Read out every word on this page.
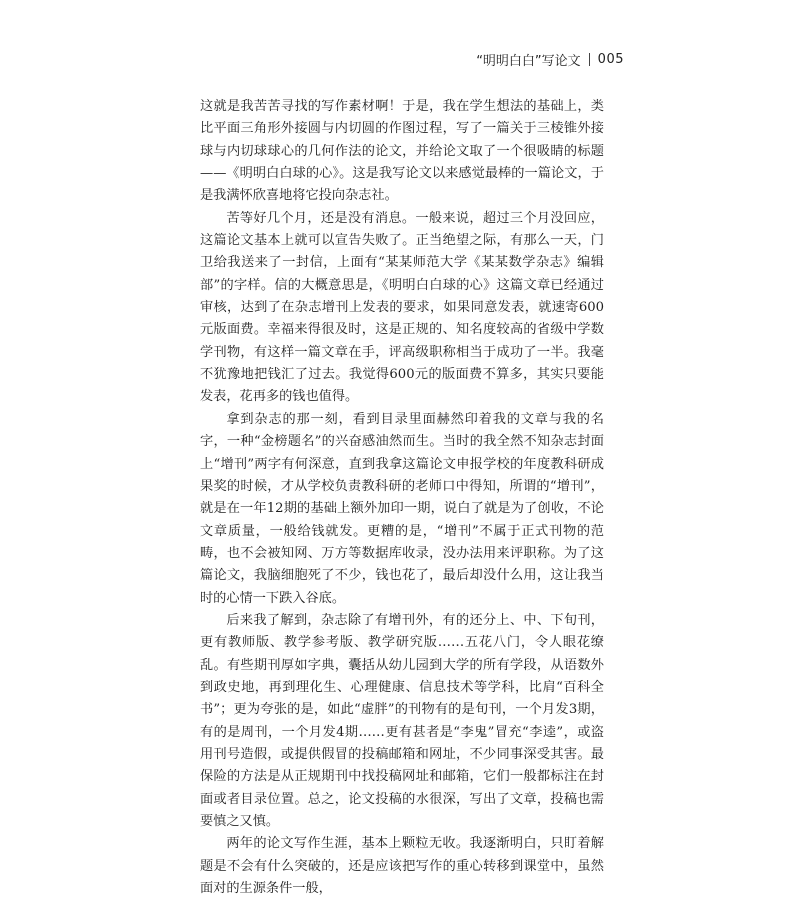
“明明白白”写论文 005

这就是我苦苦寻找的写作素材啊！于是，我在学生想法的基础上，类比平面三角形外接圆与内切圆的作图过程，写了一篇关于三棱锥外接球与内切球球心的几何作法的论文，并给论文取了一个很吸睛的标题——《明明白白球的心》。这是我写论文以来感觉最棒的一篇论文，于是我满怀欣喜地将它投向杂志社。

苦等好几个月，还是没有消息。一般来说，超过三个月没回应，这篇论文基本上就可以宣告失败了。正当绝望之际，有那么一天，门卫给我送来了一封信，上面有“某某师范大学《某某数学杂志》编辑部”的字样。信的大概意思是，《明明白白球的心》这篇文章已经通过审核，达到了在杂志增刊上发表的要求，如果同意发表，就速寄600元版面费。幸福来得很及时，这是正规的、知名度较高的省级中学数学刊物，有这样一篇文章在手，评高级职称相当于成功了一半。我毫不犹豫地把钱汇了过去。我觉得600元的版面费不算多，其实只要能发表，花再多的钱也值得。

拿到杂志的那一刻，看到目录里面赫然印着我的文章与我的名字，一种“金榜题名”的兴奋感油然而生。当时的我全然不知杂志封面上“增刊”两字有何深意，直到我拿这篇论文申报学校的年度教科研成果奖的时候，才从学校负责教科研的老师口中得知，所谓的“增刊”，就是在一年12期的基础上额外加印一期，说白了就是为了创收，不论文章质量，一般给钱就发。更糟的是，“增刊”不属于正式刊物的范畴，也不会被知网、万方等数据库收录，没办法用来评职称。为了这篇论文，我脑细胞死了不少，钱也花了，最后却没什么用，这让我当时的心情一下跌入谷底。

后来我了解到，杂志除了有增刊外，有的还分上、中、下旬刊，更有教师版、教学参考版、教学研究版……五花八门，令人眼花缭乱。有些期刊厚如字典，囊括从幼儿园到大学的所有学段，从语数外到政史地，再到理化生、心理健康、信息技术等学科，比肩“百科全书”；更为夸张的是，如此“虚胖”的刊物有的是旬刊，一个月发3期，有的是周刊，一个月发4期……更有甚者是“李鬼”冒充“李逵”，或盗用刊号造假，或提供假冒的投稿邮箱和网址，不少同事深受其害。最保险的方法是从正规期刊中找投稿网址和邮箱，它们一般都标注在封面或者目录位置。总之，论文投稿的水很深，写出了文章，投稿也需要慎之又慎。

两年的论文写作生涯，基本上颗粒无收。我逐渐明白，只盯着解题是不会有什么突破的，还是应该把写作的重心转移到课堂中，虽然面对的生源条件一般，
